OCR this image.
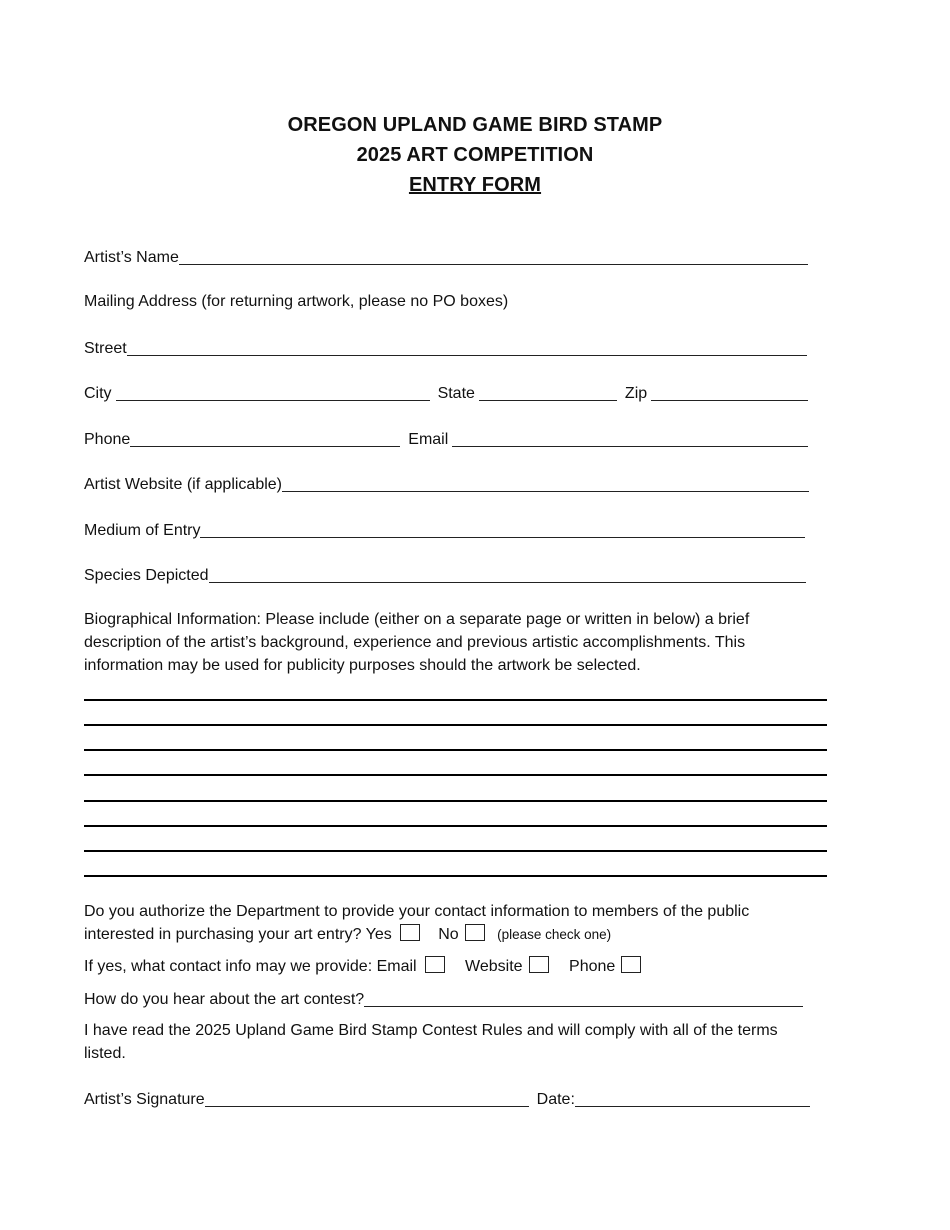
OREGON UPLAND GAME BIRD STAMP
2025 ART COMPETITION
ENTRY FORM
Artist’s Name
Mailing Address (for returning artwork, please no PO boxes)
Street
City	State	Zip
Phone	Email
Artist Website (if applicable)
Medium of Entry
Species Depicted
Biographical Information: Please include (either on a separate page or written in below) a brief
description of the artist’s background, experience and previous artistic accomplishments. This
information may be used for publicity purposes should the artwork be selected.
Do you authorize the Department to provide your contact information to members of the public
interested in purchasing your art entry? Yes	No	(please check one)
If yes, what contact info may we provide: Email	Website	Phone
How do you hear about the art contest?
I have read the 2025 Upland Game Bird Stamp Contest Rules and will comply with all of the terms
listed.
Artist’s Signature	Date:
